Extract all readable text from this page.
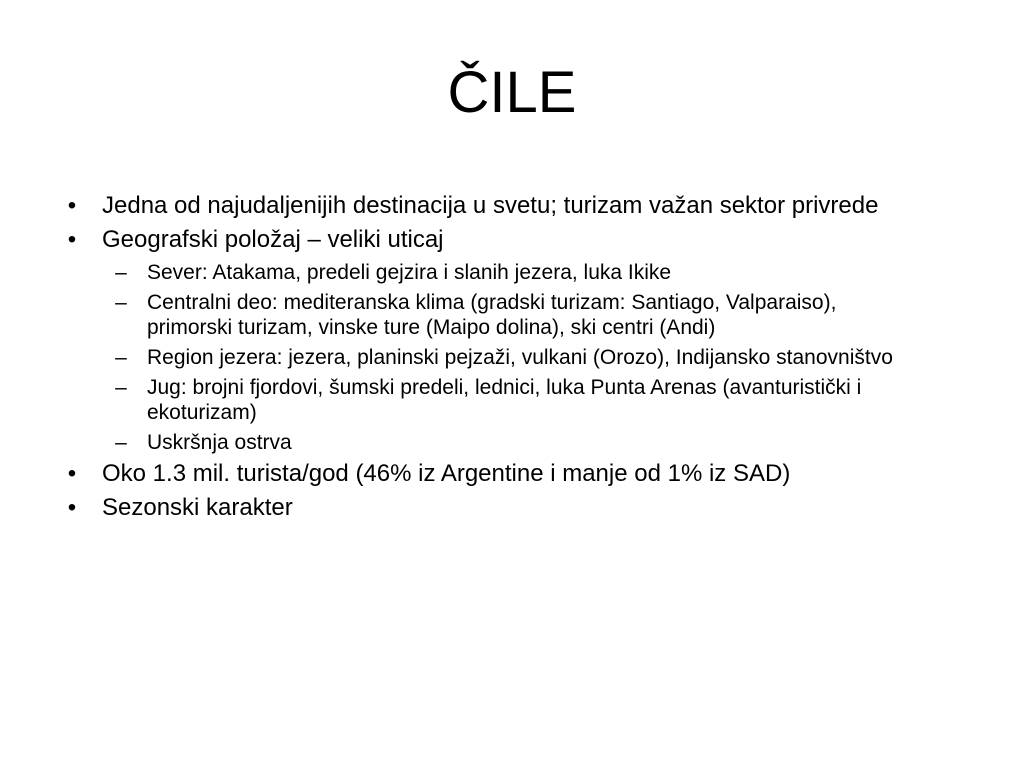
ČILE
• Jedna od najudaljenijih destinacija u svetu; turizam važan sektor privrede
• Geografski položaj – veliki uticaj
– Sever: Atakama, predeli gejzira i slanih jezera, luka Ikike
– Centralni deo: mediteranska klima (gradski turizam: Santiago, Valparaiso), primorski turizam, vinske ture (Maipo dolina), ski centri (Andi)
– Region jezera: jezera, planinski pejzaži, vulkani (Orozo), Indijansko stanovništvo
– Jug: brojni fjordovi, šumski predeli, lednici, luka Punta Arenas (avanturistički i ekoturizam)
– Uskršnja ostrva
• Oko 1.3 mil. turista/god (46% iz Argentine i manje od 1% iz SAD)
• Sezonski karakter
